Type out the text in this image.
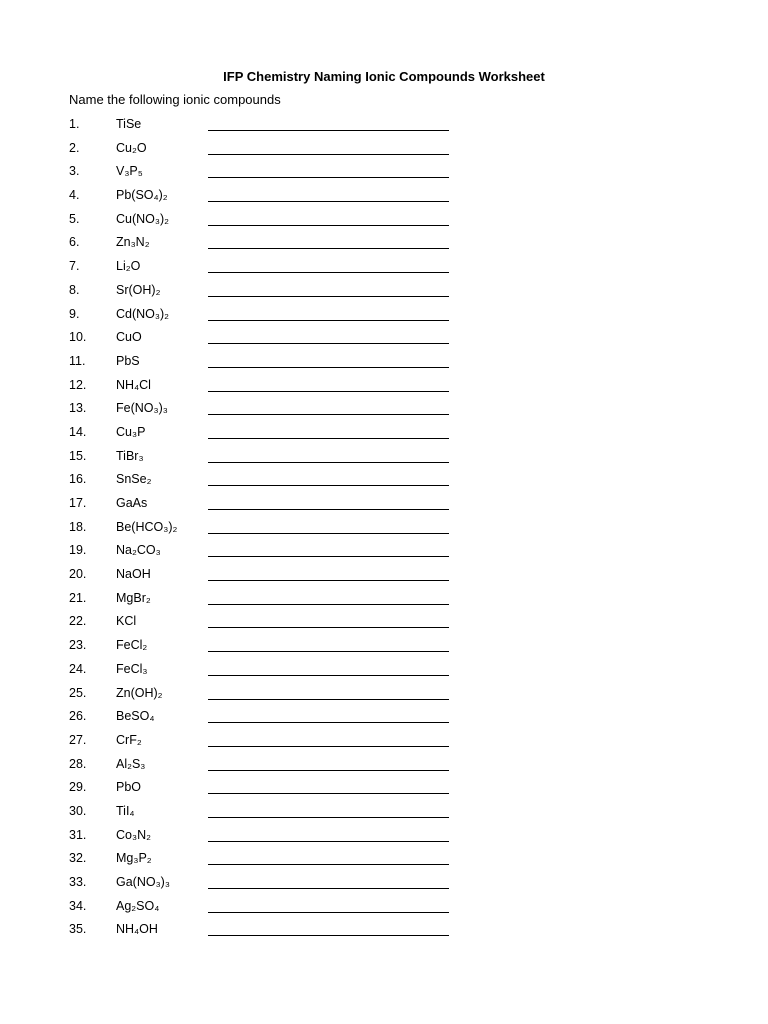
IFP Chemistry Naming Ionic Compounds Worksheet
Name the following ionic compounds
1.	TiSe
2.	Cu₂O
3.	V₃P₅
4.	Pb(SO₄)₂
5.	Cu(NO₃)₂
6.	Zn₃N₂
7.	Li₂O
8.	Sr(OH)₂
9.	Cd(NO₃)₂
10. CuO
11. PbS
12. NH₄Cl
13. Fe(NO₃)₃
14. Cu₃P
15. TiBr₃
16. SnSe₂
17. GaAs
18. Be(HCO₃)₂
19. Na₂CO₃
20. NaOH
21. MgBr₂
22. KCl
23. FeCl₂
24. FeCl₃
25. Zn(OH)₂
26. BeSO₄
27. CrF₂
28. Al₂S₃
29. PbO
30. TiI₄
31. Co₃N₂
32. Mg₃P₂
33. Ga(NO₃)₃
34. Ag₂SO₄
35. NH₄OH
